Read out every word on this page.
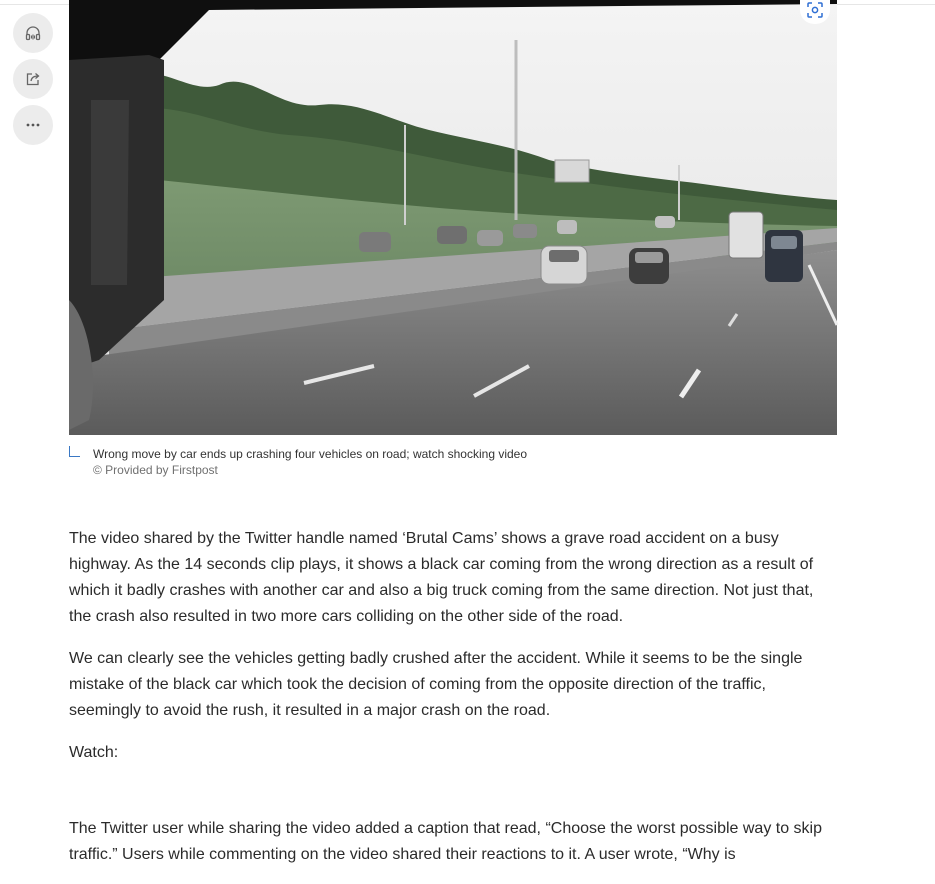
Wrong move by car ends up crashing four vehicles on road; watch shocking video
© Provided by Firstpost

The video shared by the Twitter handle named ‘Brutal Cams’ shows a grave road accident on a busy highway. As the 14 seconds clip plays, it shows a black car coming from the wrong direction as a result of which it badly crashes with another car and also a big truck coming from the same direction. Not just that, the crash also resulted in two more cars colliding on the other side of the road.

We can clearly see the vehicles getting badly crushed after the accident. While it seems to be the single mistake of the black car which took the decision of coming from the opposite direction of the traffic, seemingly to avoid the rush, it resulted in a major crash on the road.

Watch:

The Twitter user while sharing the video added a caption that read, “Choose the worst possible way to skip traffic.” Users while commenting on the video shared their reactions to it. A user wrote, “Why is
